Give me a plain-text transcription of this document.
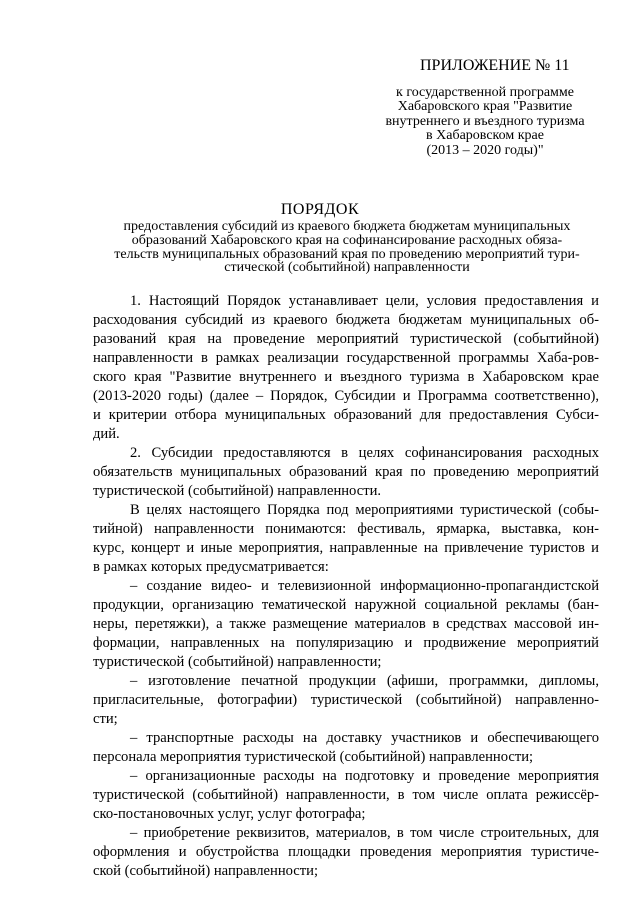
ПРИЛОЖЕНИЕ № 11
к государственной программе
Хабаровского края "Развитие
внутреннего и въездного туризма
в Хабаровском крае
(2013 – 2020 годы)"
ПОРЯДОК
предоставления субсидий из краевого бюджета бюджетам муниципальных
образований Хабаровского края на софинансирование расходных обяза-
тельств муниципальных образований края по проведению мероприятий тури-
стической (событийной) направленности
1. Настоящий Порядок устанавливает цели, условия предоставления и
расходования субсидий из краевого бюджета бюджетам муниципальных об-
разований края на проведение мероприятий туристической (событийной)
направленности в рамках реализации государственной программы Хаба-ров-
ского края "Развитие внутреннего и въездного туризма в Хабаровском крае
(2013-2020 годы) (далее – Порядок, Субсидии и Программа соответственно),
и критерии отбора муниципальных образований для предоставления Субси-
дий.
2. Субсидии предоставляются в целях софинансирования расходных
обязательств муниципальных образований края по проведению мероприятий
туристической (событийной) направленности.
В целях настоящего Порядка под мероприятиями туристической (собы-
тийной) направленности понимаются: фестиваль, ярмарка, выставка, кон-
курс, концерт и иные мероприятия, направленные на привлечение туристов и
в рамках которых предусматривается:
– создание видео- и телевизионной информационно-пропагандистской
продукции, организацию тематической наружной социальной рекламы (бан-
неры, перетяжки), а также размещение материалов в средствах массовой ин-
формации, направленных на популяризацию и продвижение мероприятий
туристической (событийной) направленности;
– изготовление печатной продукции (афиши, программки, дипломы,
пригласительные, фотографии) туристической (событийной) направленно-
сти;
– транспортные расходы на доставку участников и обеспечивающего
персонала мероприятия туристической (событийной) направленности;
– организационные расходы на подготовку и проведение мероприятия
туристической (событийной) направленности, в том числе оплата режиссёр-
ско-постановочных услуг, услуг фотографа;
– приобретение реквизитов, материалов, в том числе строительных, для
оформления и обустройства площадки проведения мероприятия туристиче-
ской (событийной) направленности;
